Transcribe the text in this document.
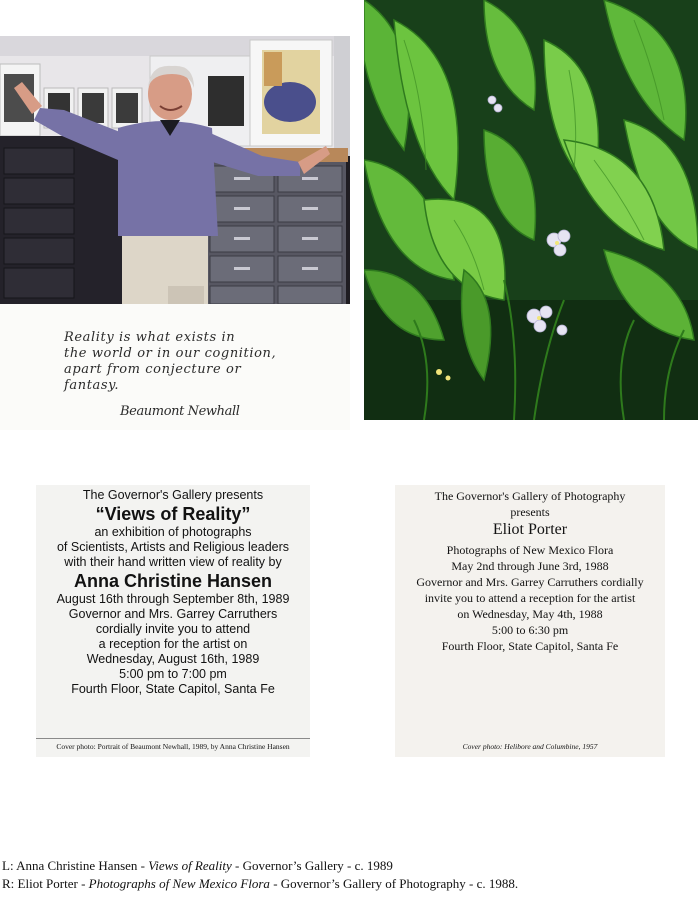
Reality is what exists in
the world or in our cognition,
apart from conjecture or
fantasy.

Beaumont Newhall

The Governor's Gallery presents

“Views of Reality”

an exhibition of photographs

of Scientists, Artists and Religious leaders

with their hand written view of reality by

Anna Christine Hansen

August 16th through September 8th, 1989

Governor and Mrs. Garrey Carruthers

cordially invite you to attend

a reception for the artist on

Wednesday, August 16th, 1989

5:00 pm to 7:00 pm

Fourth Floor, State Capitol, Santa Fe

Cover photo: Portrait of Beaumont Newhall, 1989, by Anna Christine Hansen

The Governor's Gallery of Photography

presents

Eliot Porter

Photographs of New Mexico Flora

May 2nd through June 3rd, 1988

Governor and Mrs. Garrey Carruthers cordially

invite you to attend a reception for the artist

on Wednesday, May 4th, 1988

5:00 to 6:30 pm

Fourth Floor, State Capitol, Santa Fe

Cover photo: Helibore and Columbine, 1957

L: Anna Christine Hansen - Views of Reality - Governor’s Gallery - c. 1989

R: Eliot Porter - Photographs of New Mexico Flora - Governor’s Gallery of Photography - c. 1988.
